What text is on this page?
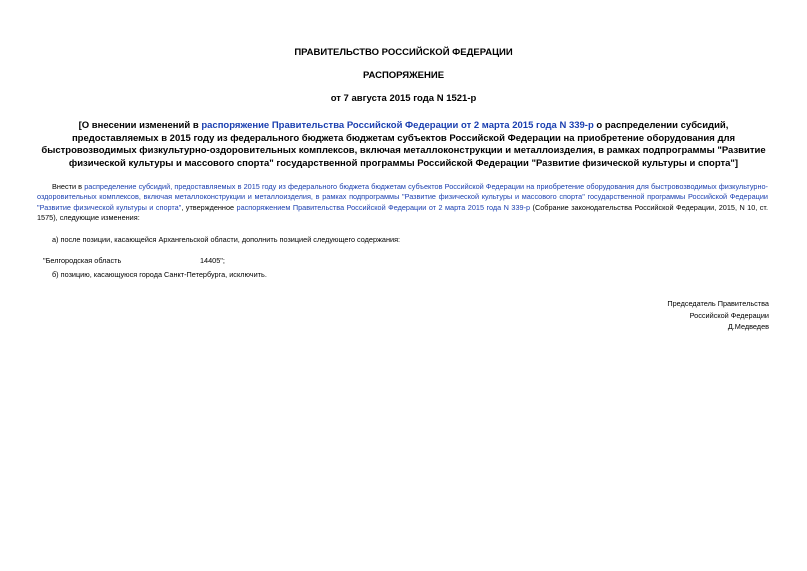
ПРАВИТЕЛЬСТВО РОССИЙСКОЙ ФЕДЕРАЦИИ

РАСПОРЯЖЕНИЕ

от 7 августа 2015 года N 1521-р

[О внесении изменений в распоряжение Правительства Российской Федерации от 2 марта 2015 года N 339-р о распределении субсидий, предоставляемых в 2015 году из федерального бюджета бюджетам субъектов Российской Федерации на приобретение оборудования для быстровозводимых физкультурно-оздоровительных комплексов, включая металлоконструкции и металлоизделия, в рамках подпрограммы "Развитие физической культуры и массового спорта" государственной программы Российской Федерации "Развитие физической культуры и спорта"]

Внести в распределение субсидий, предоставляемых в 2015 году из федерального бюджета бюджетам субъектов Российской Федерации на приобретение оборудования для быстровозводимых физкультурно-оздоровительных комплексов, включая металлоконструкции и металлоизделия, в рамках подпрограммы "Развитие физической культуры и массового спорта" государственной программы Российской Федерации "Развитие физической культуры и спорта", утвержденное распоряжением Правительства Российской Федерации от 2 марта 2015 года N 339-р (Собрание законодательства Российской Федерации, 2015, N 10, ст. 1575), следующие изменения:

а) после позиции, касающейся Архангельской области, дополнить позицией следующего содержания:

"Белгородская область	14405";

б) позицию, касающуюся города Санкт-Петербурга, исключить.

Председатель Правительства
Российской Федерации
Д.Медведев
